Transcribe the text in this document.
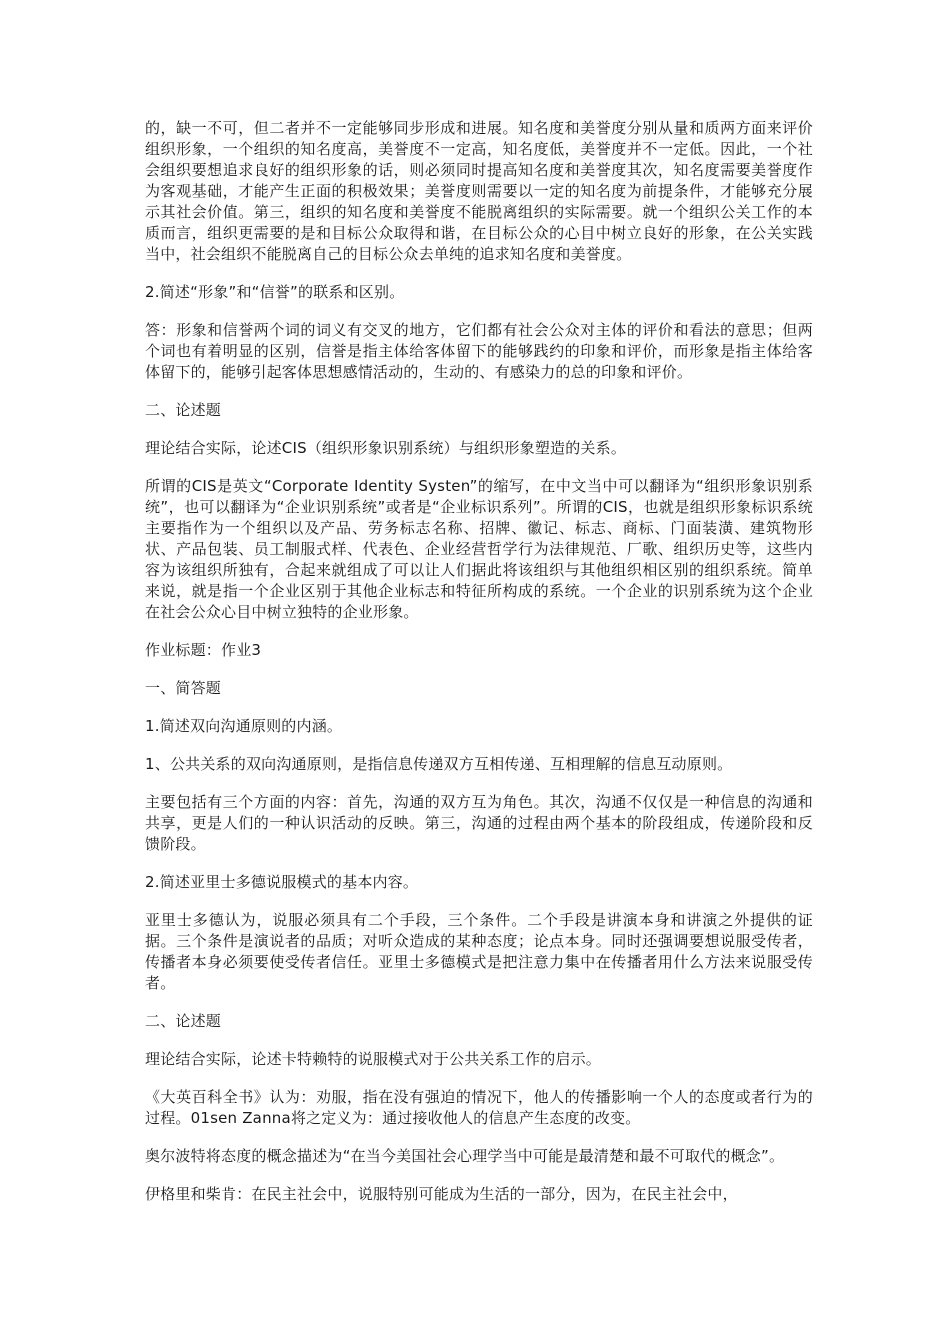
的，缺一不可，但二者并不一定能够同步形成和进展。知名度和美誉度分别从量和质两方面来评价组织形象，一个组织的知名度高，美誉度不一定高，知名度低，美誉度并不一定低。因此，一个社会组织要想追求良好的组织形象的话，则必须同时提高知名度和美誉度其次，知名度需要美誉度作为客观基础，才能产生正面的积极效果；美誉度则需要以一定的知名度为前提条件，才能够充分展示其社会价值。第三，组织的知名度和美誉度不能脱离组织的实际需要。就一个组织公关工作的本质而言，组织更需要的是和目标公众取得和谐，在目标公众的心目中树立良好的形象，在公关实践当中，社会组织不能脱离自己的目标公众去单纯的追求知名度和美誉度。

2.简述“形象”和“信誉”的联系和区别。

答：形象和信誉两个词的词义有交叉的地方，它们都有社会公众对主体的评价和看法的意思；但两个词也有着明显的区别，信誉是指主体给客体留下的能够践约的印象和评价，而形象是指主体给客体留下的，能够引起客体思想感情活动的，生动的、有感染力的总的印象和评价。

二、论述题

理论结合实际，论述CIS（组织形象识别系统）与组织形象塑造的关系。

所谓的CIS是英文“Corporate Identity Systen”的缩写，在中文当中可以翻译为“组织形象识别系统”，也可以翻译为“企业识别系统”或者是“企业标识系列”。所谓的CIS，也就是组织形象标识系统主要指作为一个组织以及产品、劳务标志名称、招牌、徽记、标志、商标、门面装潢、建筑物形状、产品包装、员工制服式样、代表色、企业经营哲学行为法律规范、厂歌、组织历史等，这些内容为该组织所独有，合起来就组成了可以让人们据此将该组织与其他组织相区别的组织系统。简单来说，就是指一个企业区别于其他企业标志和特征所构成的系统。一个企业的识别系统为这个企业在社会公众心目中树立独特的企业形象。

作业标题：作业3

一、简答题

1.简述双向沟通原则的内涵。

1、公共关系的双向沟通原则，是指信息传递双方互相传递、互相理解的信息互动原则。

主要包括有三个方面的内容：首先，沟通的双方互为角色。其次，沟通不仅仅是一种信息的沟通和共享，更是人们的一种认识活动的反映。第三，沟通的过程由两个基本的阶段组成，传递阶段和反馈阶段。

2.简述亚里士多德说服模式的基本内容。

亚里士多德认为，说服必须具有二个手段，三个条件。二个手段是讲演本身和讲演之外提供的证据。三个条件是演说者的品质；对听众造成的某种态度；论点本身。同时还强调要想说服受传者，传播者本身必须要使受传者信任。亚里士多德模式是把注意力集中在传播者用什么方法来说服受传者。

二、论述题

理论结合实际，论述卡特赖特的说服模式对于公共关系工作的启示。

《大英百科全书》认为：劝服，指在没有强迫的情况下，他人的传播影响一个人的态度或者行为的过程。01sen Zanna将之定义为：通过接收他人的信息产生态度的改变。

奥尔波特将态度的概念描述为“在当今美国社会心理学当中可能是最清楚和最不可取代的概念”。

伊格里和柴肯：在民主社会中，说服特别可能成为生活的一部分，因为，在民主社会中，
